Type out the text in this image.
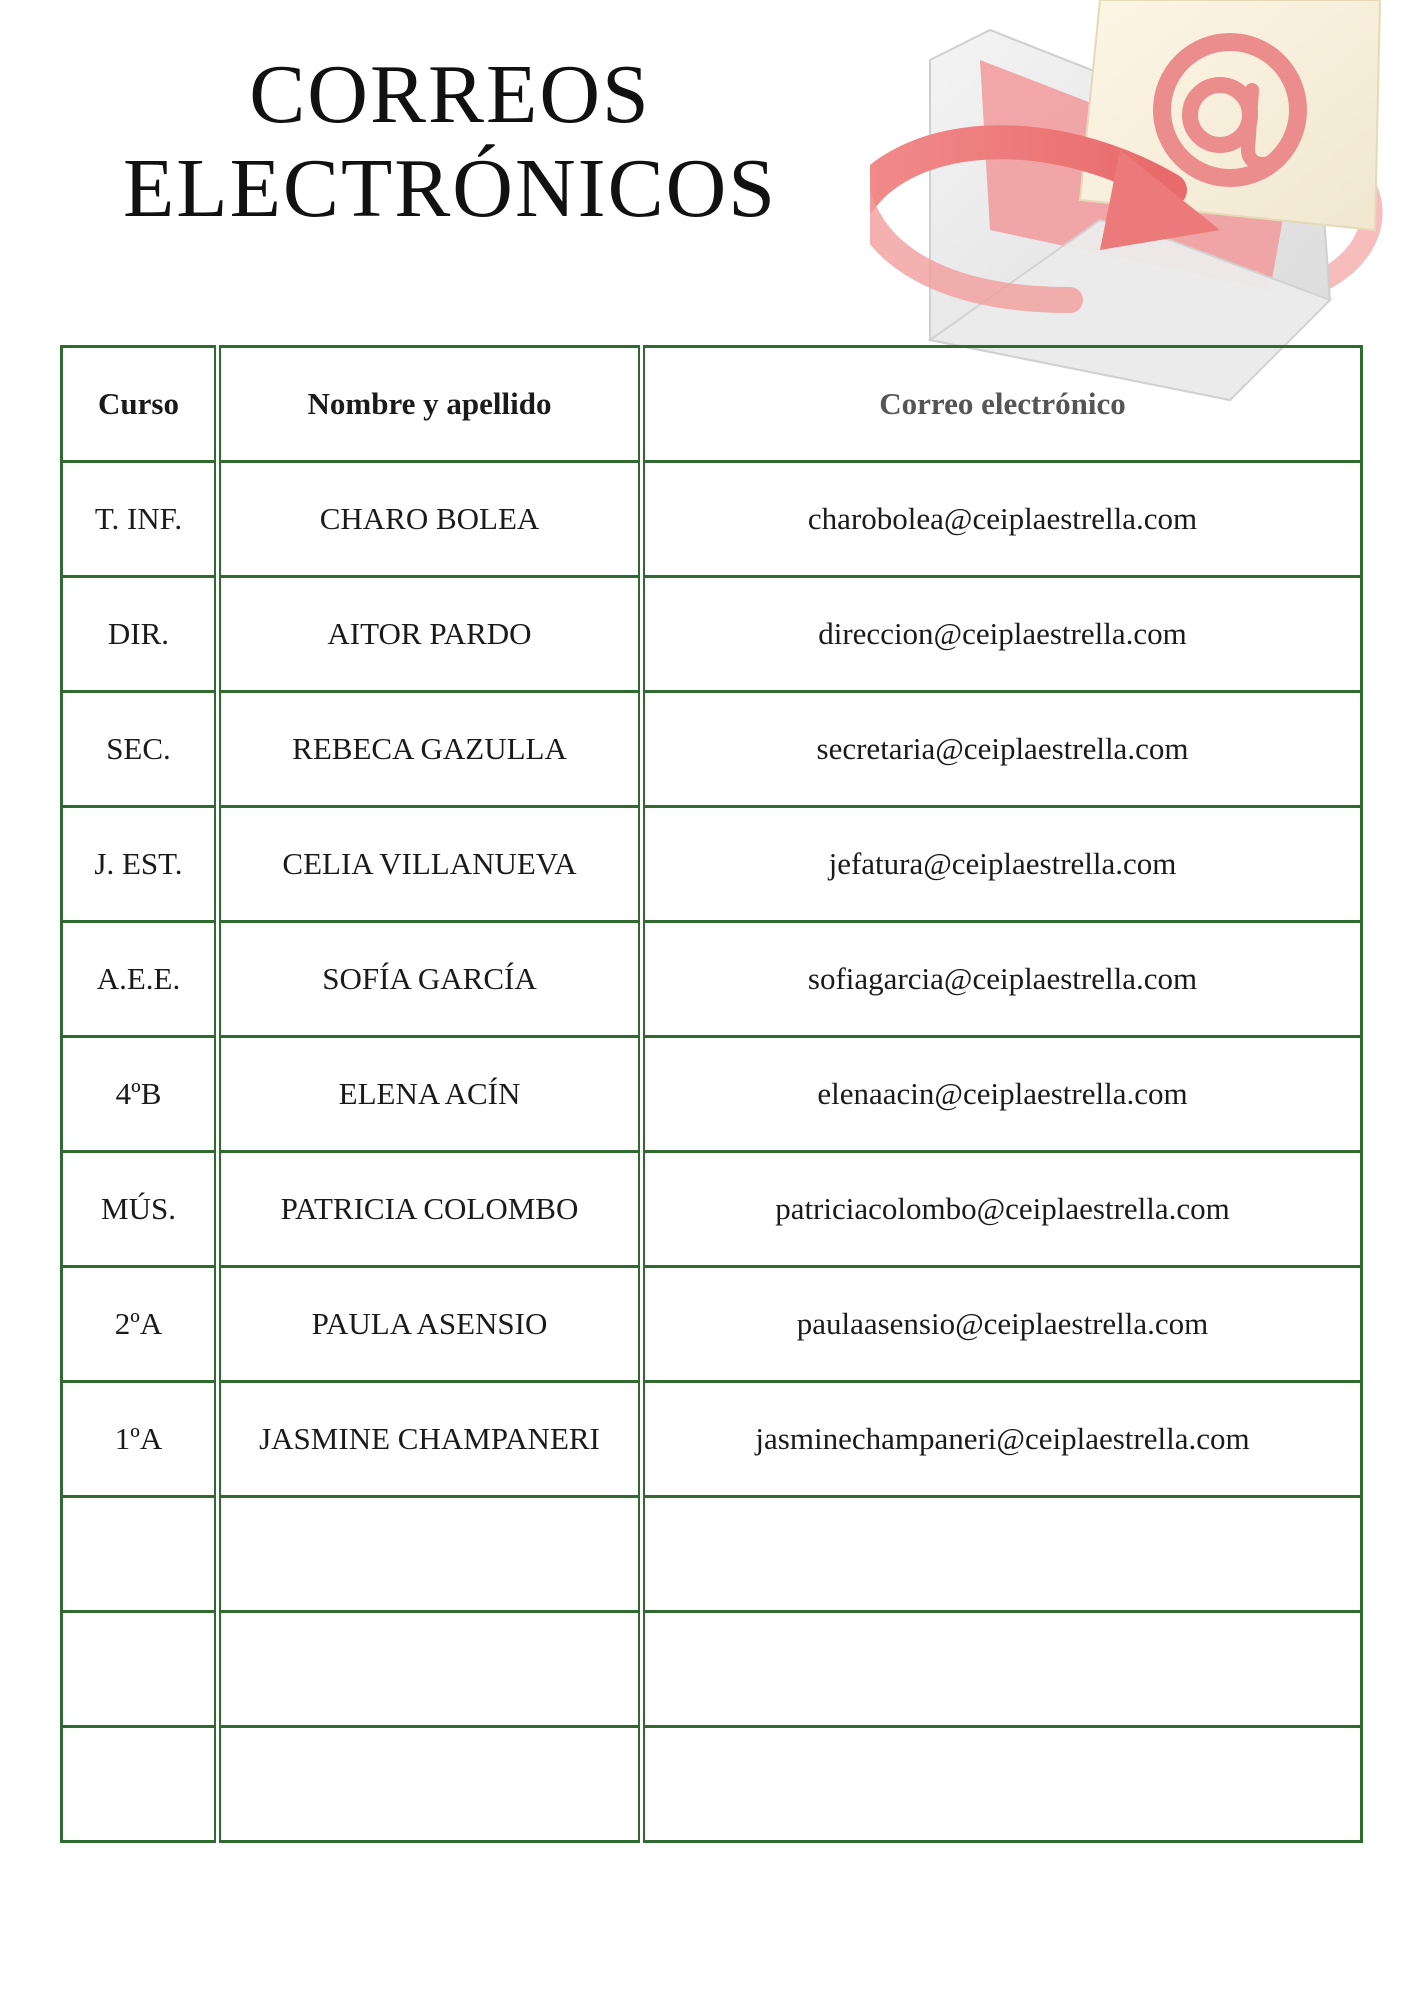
CORREOS
ELECTRÓNICOS
Curso	Nombre y apellido	Correo electrónico
T. INF.	CHARO BOLEA	charobolea@ceiplaestrella.com
DIR.	AITOR PARDO	direccion@ceiplaestrella.com
SEC.	REBECA GAZULLA	secretaria@ceiplaestrella.com
J. EST.	CELIA VILLANUEVA	jefatura@ceiplaestrella.com
A.E.E.	SOFÍA GARCÍA	sofiagarcia@ceiplaestrella.com
4ºB	ELENA ACÍN	elenaacin@ceiplaestrella.com
MÚS.	PATRICIA COLOMBO	patriciacolombo@ceiplaestrella.com
2ºA	PAULA ASENSIO	paulaasensio@ceiplaestrella.com
1ºA	JASMINE CHAMPANERI	jasminechampaneri@ceiplaestrella.com
